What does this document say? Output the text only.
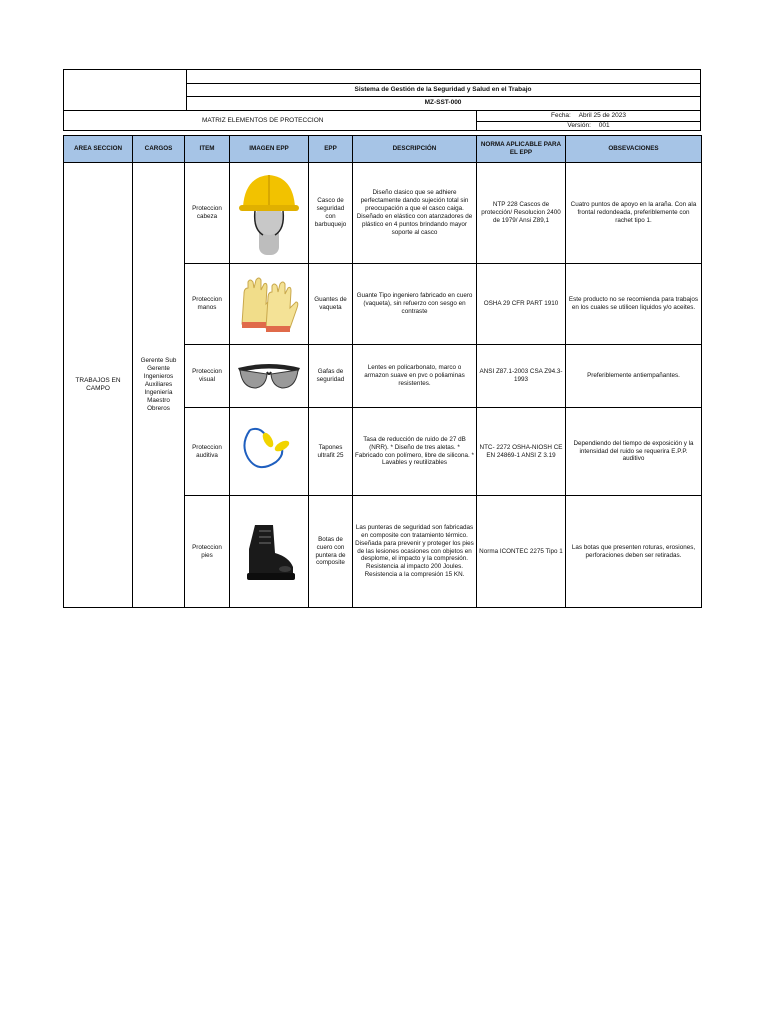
Sistema de Gestión de la Seguridad y Salud en el Trabajo
MZ-SST-000
MATRIZ ELEMENTOS DE PROTECCION
Fecha: Abril 25 de 2023
Versión: 001
AREA SECCION	CARGOS	ITEM	IMAGEN EPP	EPP	DESCRIPCIÓN	NORMA APLICABLE PARA EL EPP	OBSEVACIONES
TRABAJOS EN CAMPO	Gerente Sub Gerente Ingenieros Auxiliares Ingeniería Maestro Obreros	Proteccion cabeza		Casco de seguridad con barbuquejo	Diseño clasico que se adhiere perfectamente dando sujeción total sin preocupación a que el casco caiga. Diseñado en elástico con atanzadores de plástico en 4 puntos brindando mayor soporte al casco	NTP 228 Cascos de protección/ Resolucion 2400 de 1979/ Ansi Z89,1	Cuatro puntos de apoyo en la araña. Con ala frontal redondeada, preferiblemente con rachet tipo 1.
		Proteccion manos		Guantes de vaqueta	Guante Tipo ingeniero fabricado en cuero (vaqueta), sin refuerzo con sesgo en contraste	OSHA 29 CFR PART 1910	Este producto no se recomienda para trabajos en los cuales se utilicen liquidos y/o aceites.
		Proteccion visual		Gafas de seguridad	Lentes en policarbonato, marco o armazon suave en pvc o poliaminas resistentes.	ANSI Z87.1-2003 CSA Z94.3-1993	Preferiblemente antiempañantes.
		Proteccion auditiva		Tapones ultrafit 25	Tasa de reducción de ruido de 27 dB (NRR). * Diseño de tres aletas. * Fabricado con polímero, libre de silicona. * Lavables y reutilizables	NTC- 2272 OSHA-NIOSH CE EN 24869-1 ANSI Z 3.19	Dependiendo del tiempo de exposición y la intensidad del ruido se requerira E.P.P. auditivo
		Proteccion pies		Botas de cuero con puntera de composite	Las punteras de seguridad son fabricadas en composite con tratamiento térmico. Diseñada para prevenir y proteger los pies de las lesiones ocasiones con objetos en desplome, el impacto y la compresión. Resistencia al impacto 200 Joules. Resistencia a la compresión 15 KN.	Norma ICONTEC 2275 Tipo 1	Las botas que presenten roturas, erosiones, perforaciones deben ser retiradas.
